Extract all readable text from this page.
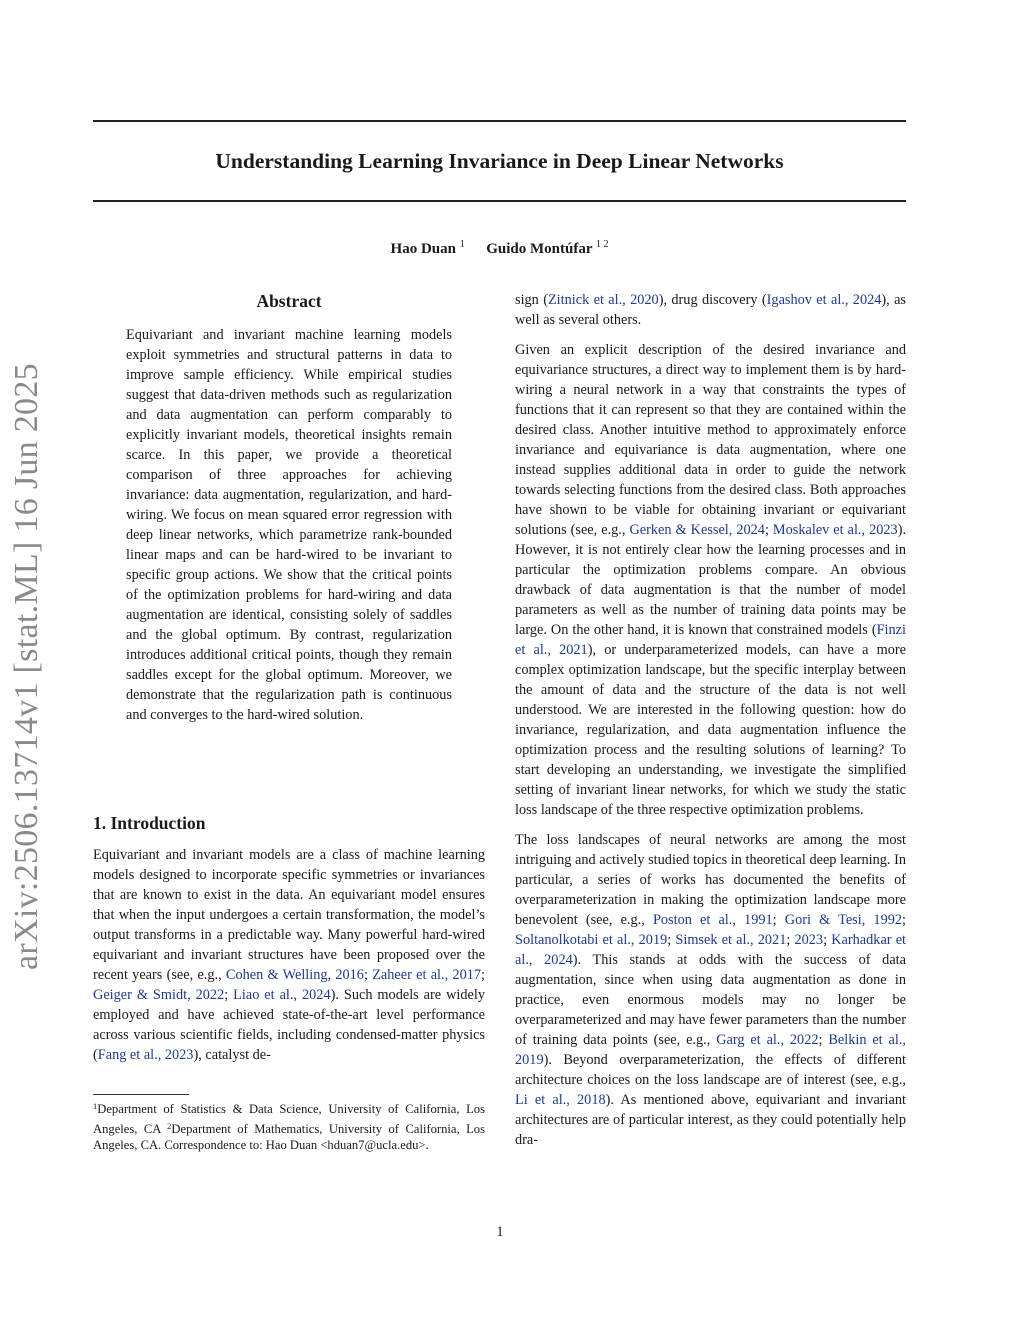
arXiv:2506.13714v1 [stat.ML] 16 Jun 2025
Understanding Learning Invariance in Deep Linear Networks
Hao Duan $^1$ Guido Montúfar $^{1 2}$
Abstract

Equivariant and invariant machine learning models exploit symmetries and structural patterns in data to improve sample efficiency. While empirical studies suggest that data-driven methods such as regularization and data augmentation can perform comparably to explicitly invariant models, theoretical insights remain scarce. In this paper, we provide a theoretical comparison of three approaches for achieving invariance: data augmentation, regularization, and hard-wiring. We focus on mean squared error regression with deep linear networks, which parametrize rank-bounded linear maps and can be hard-wired to be invariant to specific group actions. We show that the critical points of the optimization problems for hard-wiring and data augmentation are identical, consisting solely of saddles and the global optimum. By contrast, regularization introduces additional critical points, though they remain saddles except for the global optimum. Moreover, we demonstrate that the regularization path is continuous and converges to the hard-wired solution.

1. Introduction

Equivariant and invariant models are a class of machine learning models designed to incorporate specific symmetries or invariances that are known to exist in the data. An equivariant model ensures that when the input undergoes a certain transformation, the model’s output transforms in a predictable way. Many powerful hard-wired equivariant and invariant structures have been proposed over the recent years (see, e.g., Cohen & Welling, 2016; Zaheer et al., 2017; Geiger & Smidt, 2022; Liao et al., 2024). Such models are widely employed and have achieved state-of-the-art level performance across various scientific fields, including condensed-matter physics (Fang et al., 2023), catalyst de-

$^1$Department of Statistics & Data Science, University of California, Los Angeles, CA $^2$Department of Mathematics, University of California, Los Angeles, CA. Correspondence to: Hao Duan <hduan7@ucla.edu>.

sign (Zitnick et al., 2020), drug discovery (Igashov et al., 2024), as well as several others.

Given an explicit description of the desired invariance and equivariance structures, a direct way to implement them is by hard-wiring a neural network in a way that constraints the types of functions that it can represent so that they are contained within the desired class. Another intuitive method to approximately enforce invariance and equivariance is data augmentation, where one instead supplies additional data in order to guide the network towards selecting functions from the desired class. Both approaches have shown to be viable for obtaining invariant or equivariant solutions (see, e.g., Gerken & Kessel, 2024; Moskalev et al., 2023). However, it is not entirely clear how the learning processes and in particular the optimization problems compare. An obvious drawback of data augmentation is that the number of model parameters as well as the number of training data points may be large. On the other hand, it is known that constrained models (Finzi et al., 2021), or underparameterized models, can have a more complex optimization landscape, but the specific interplay between the amount of data and the structure of the data is not well understood. We are interested in the following question: how do invariance, regularization, and data augmentation influence the optimization process and the resulting solutions of learning? To start developing an understanding, we investigate the simplified setting of invariant linear networks, for which we study the static loss landscape of the three respective optimization problems.

The loss landscapes of neural networks are among the most intriguing and actively studied topics in theoretical deep learning. In particular, a series of works has documented the benefits of overparameterization in making the optimization landscape more benevolent (see, e.g., Poston et al., 1991; Gori & Tesi, 1992; Soltanolkotabi et al., 2019; Simsek et al., 2021; 2023; Karhadkar et al., 2024). This stands at odds with the success of data augmentation, since when using data augmentation as done in practice, even enormous models may no longer be overparameterized and may have fewer parameters than the number of training data points (see, e.g., Garg et al., 2022; Belkin et al., 2019). Beyond overparameterization, the effects of different architecture choices on the loss landscape are of interest (see, e.g., Li et al., 2018). As mentioned above, equivariant and invariant architectures are of particular interest, as they could potentially help dra-

1
